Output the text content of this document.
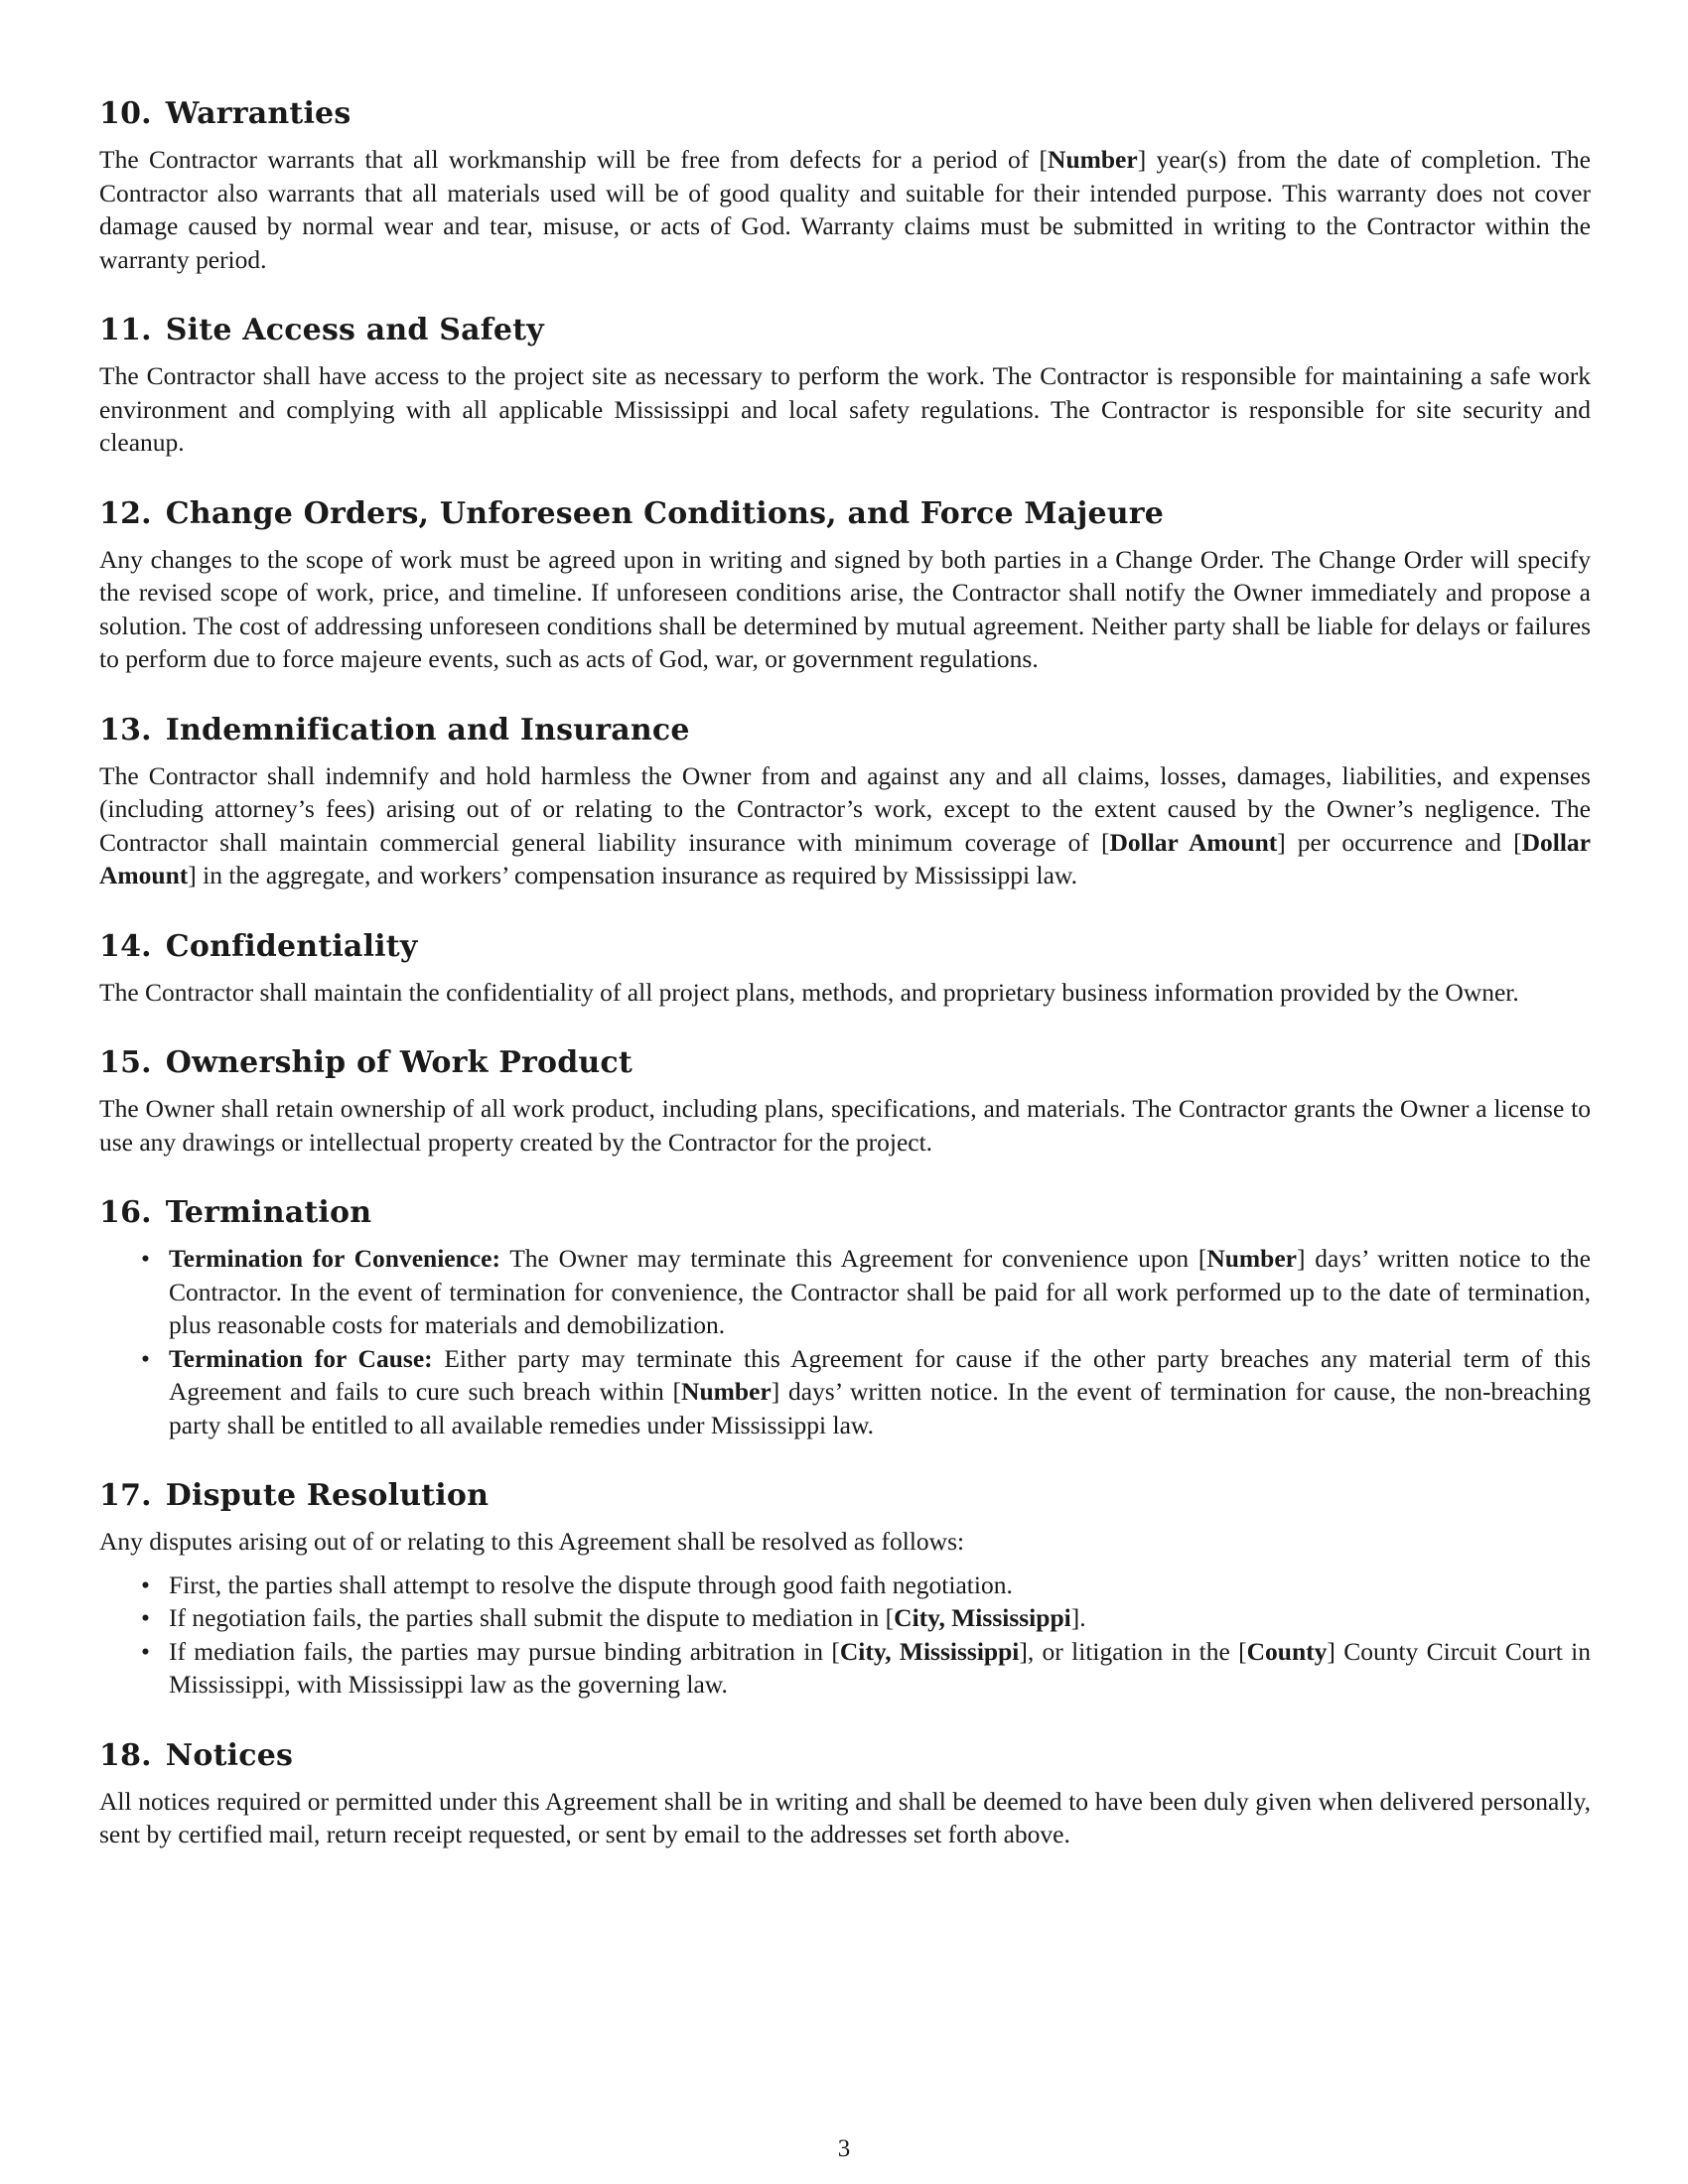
10. Warranties

The Contractor warrants that all workmanship will be free from defects for a period of [Number] year(s) from the date of completion. The Contractor also warrants that all materials used will be of good quality and suitable for their intended purpose. This warranty does not cover damage caused by normal wear and tear, misuse, or acts of God. Warranty claims must be submitted in writing to the Contractor within the warranty period.

11. Site Access and Safety

The Contractor shall have access to the project site as necessary to perform the work. The Contractor is responsible for maintaining a safe work environment and complying with all applicable Mississippi and local safety regulations. The Contractor is responsible for site security and cleanup.

12. Change Orders, Unforeseen Conditions, and Force Majeure

Any changes to the scope of work must be agreed upon in writing and signed by both parties in a Change Order. The Change Order will specify the revised scope of work, price, and timeline. If unforeseen conditions arise, the Contractor shall notify the Owner immediately and propose a solution. The cost of addressing unforeseen conditions shall be determined by mutual agreement. Neither party shall be liable for delays or failures to perform due to force majeure events, such as acts of God, war, or government regulations.

13. Indemnification and Insurance

The Contractor shall indemnify and hold harmless the Owner from and against any and all claims, losses, damages, liabilities, and expenses (including attorney’s fees) arising out of or relating to the Contractor’s work, except to the extent caused by the Owner’s negligence. The Contractor shall maintain commercial general liability insurance with minimum coverage of [Dollar Amount] per occurrence and [Dollar Amount] in the aggregate, and workers’ compensation insurance as required by Mississippi law.

14. Confidentiality

The Contractor shall maintain the confidentiality of all project plans, methods, and proprietary business information provided by the Owner.

15. Ownership of Work Product

The Owner shall retain ownership of all work product, including plans, specifications, and materials. The Contractor grants the Owner a license to use any drawings or intellectual property created by the Contractor for the project.

16. Termination
• Termination for Convenience: The Owner may terminate this Agreement for convenience upon [Number] days’ written notice to the Contractor. In the event of termination for convenience, the Contractor shall be paid for all work performed up to the date of termination, plus reasonable costs for materials and demobilization.
• Termination for Cause: Either party may terminate this Agreement for cause if the other party breaches any material term of this Agreement and fails to cure such breach within [Number] days’ written notice. In the event of termination for cause, the non-breaching party shall be entitled to all available remedies under Mississippi law.
17. Dispute Resolution

Any disputes arising out of or relating to this Agreement shall be resolved as follows:

• First, the parties shall attempt to resolve the dispute through good faith negotiation.
• If negotiation fails, the parties shall submit the dispute to mediation in [City, Mississippi].
• If mediation fails, the parties may pursue binding arbitration in [City, Mississippi], or litigation in the [County] County Circuit Court in Mississippi, with Mississippi law as the governing law.
18. Notices

All notices required or permitted under this Agreement shall be in writing and shall be deemed to have been duly given when delivered personally, sent by certified mail, return receipt requested, or sent by email to the addresses set forth above.

3
